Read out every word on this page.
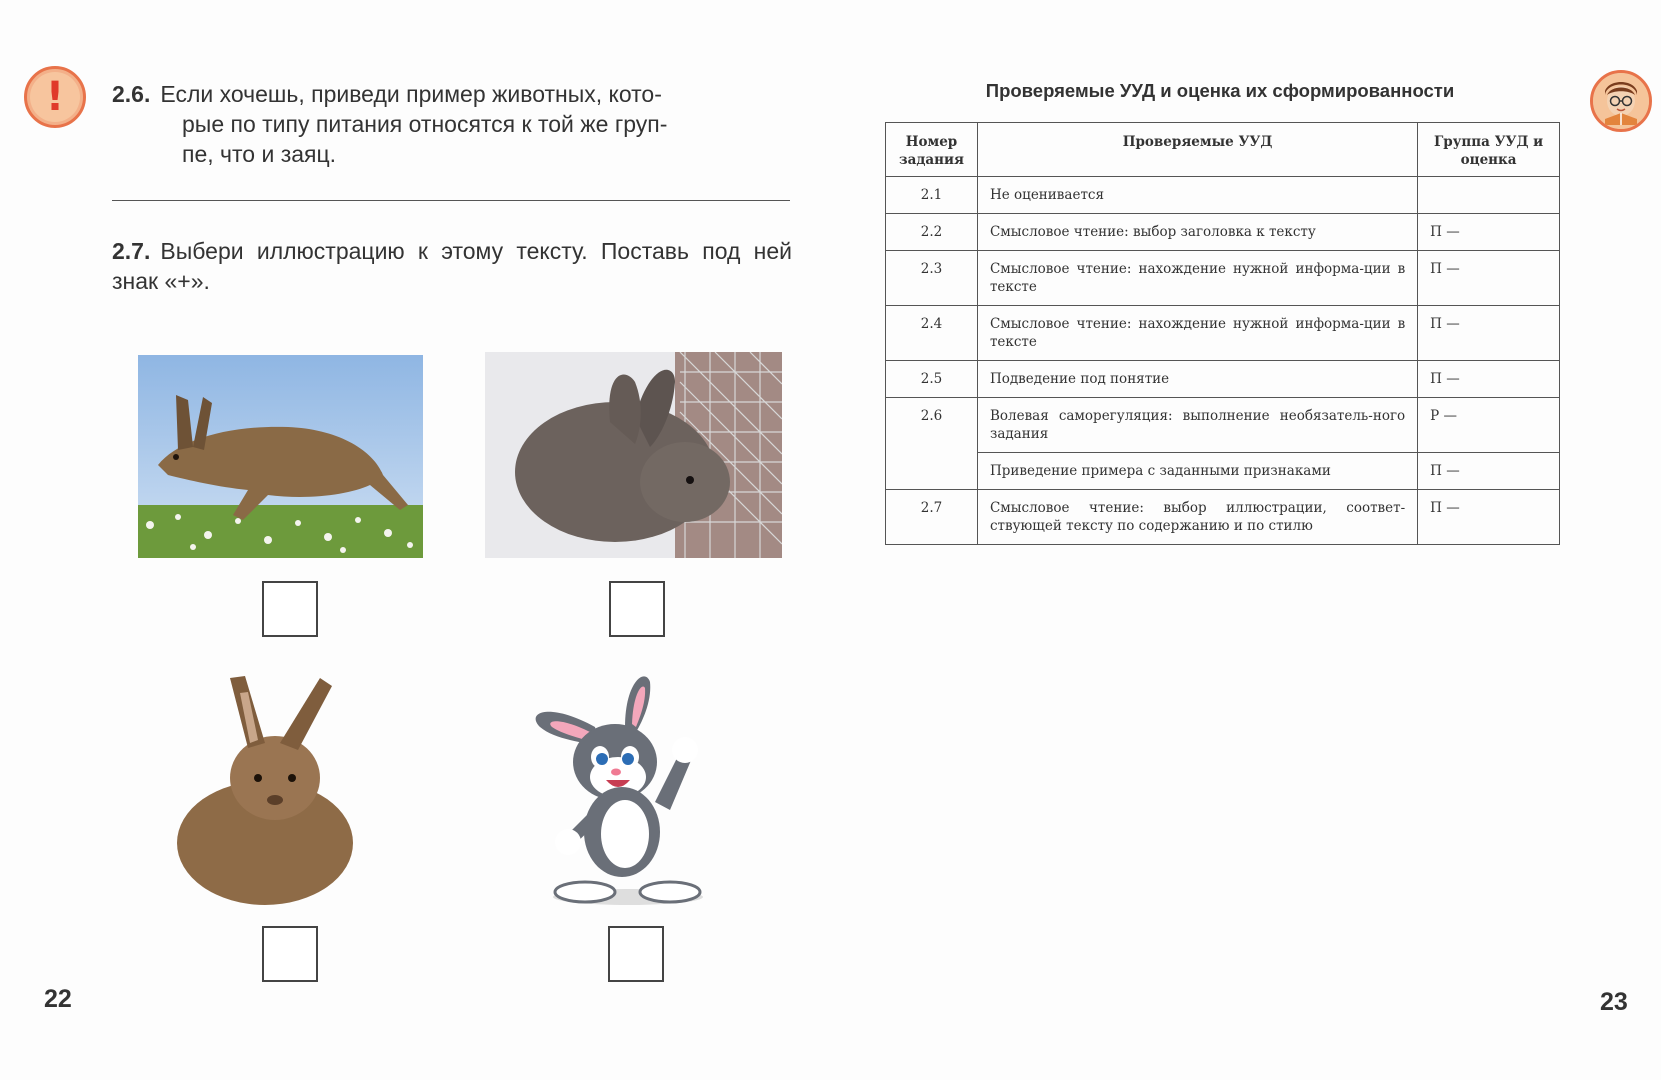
!	2.6. Если хочешь, приведи пример животных, кото-
рые по типу питания относятся к той же груп-
пе, что и заяц.
2.7. Выбери иллюстрацию к этому тексту. Поставь под ней знак «+».
22
Проверяемые УУД и оценка их сформированности
Номер задания	Проверяемые УУД	Группа УУД и оценка
2.1	Не оценивается	
2.2	Смысловое чтение: выбор заголовка к тексту	П —
2.3	Смысловое чтение: нахождение нужной информа-ции в тексте	П —
2.4	Смысловое чтение: нахождение нужной информа-ции в тексте	П —
2.5	Подведение под понятие	П —
2.6	Волевая саморегуляция: выполнение необязатель-ного задания	Р —
	Приведение примера с заданными признаками	П —
2.7	Смысловое чтение: выбор иллюстрации, соответ-ствующей тексту по содержанию и по стилю	П —
23
